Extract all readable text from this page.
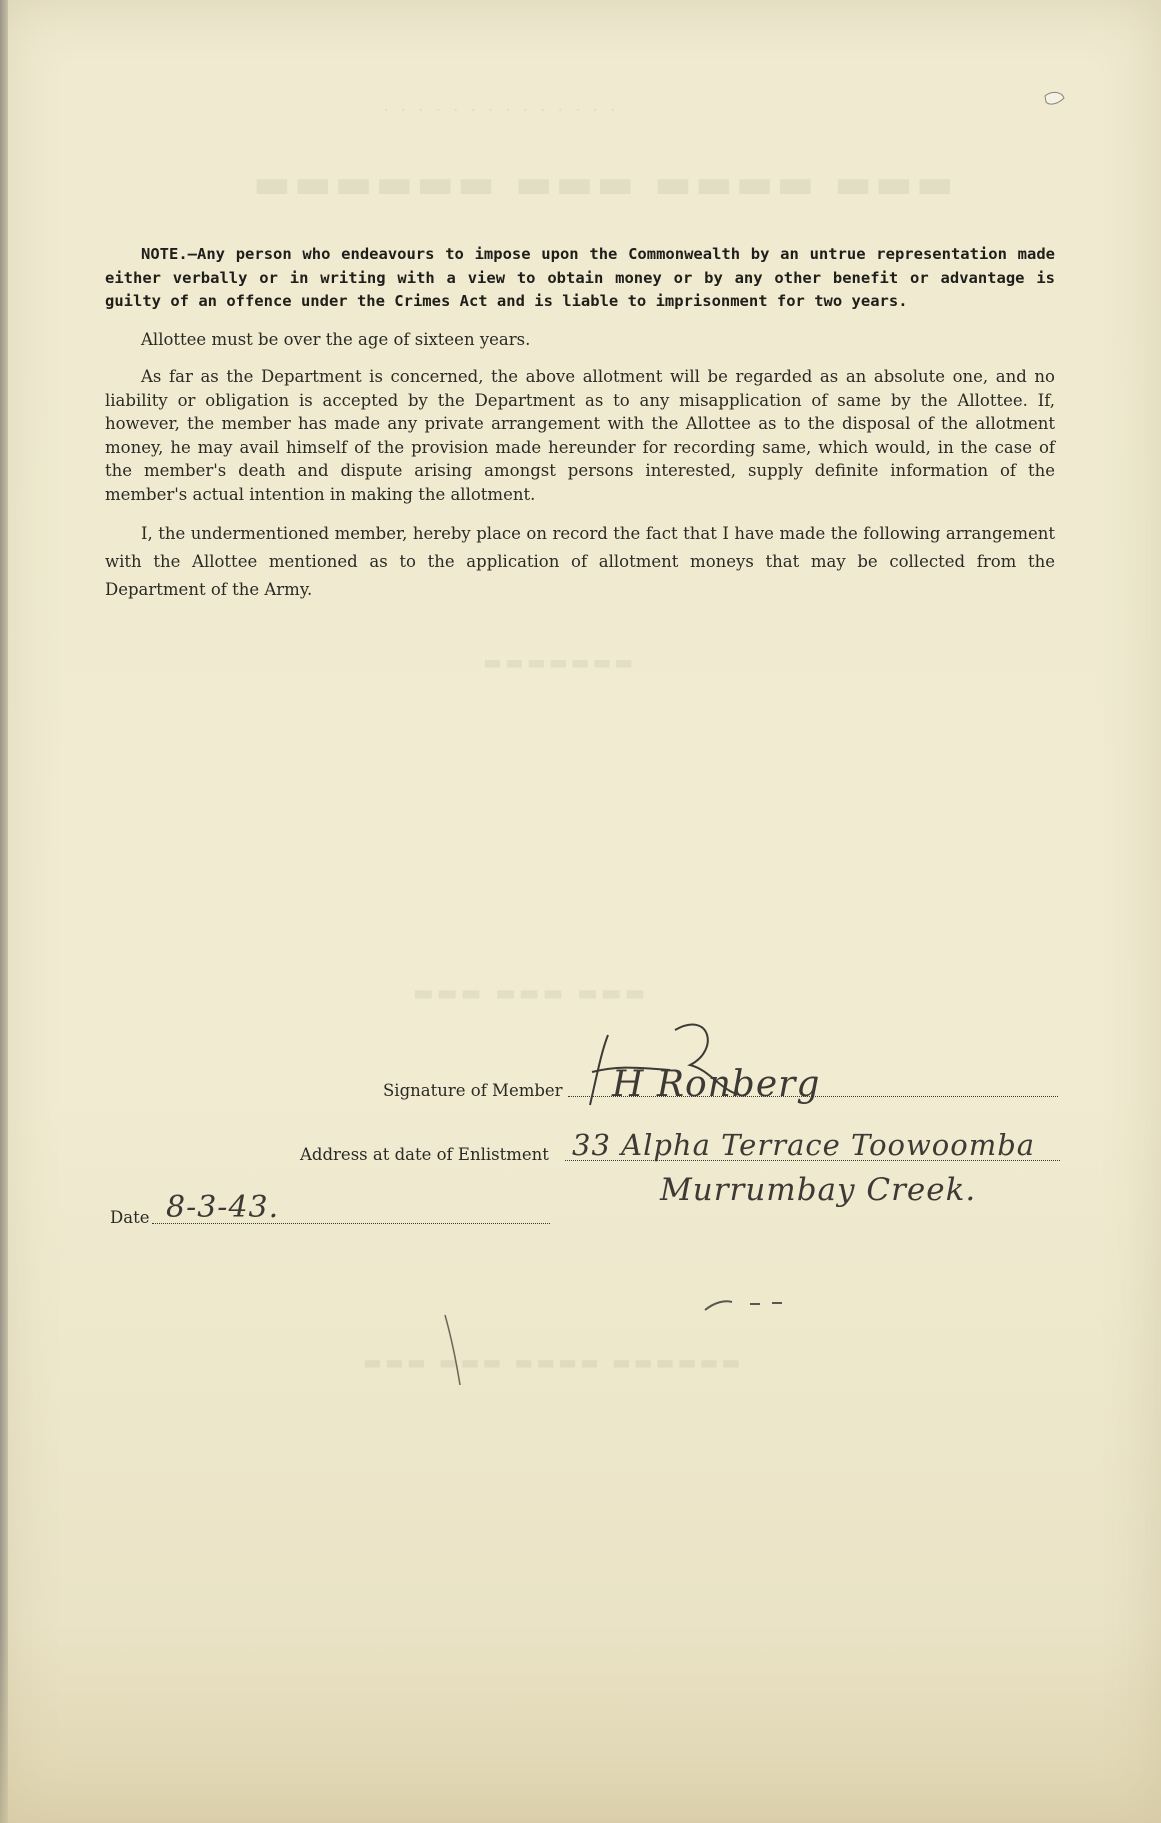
· · · · · · · · · · · · · ·
▬▬▬ ▬▬▬▬ ▬▬▬ ▬▬▬▬▬▬
▬▬▬▬▬▬ ▬▬▬▬ ▬▬▬ ▬▬▬
▬▬▬ ▬▬▬ ▬▬▬
▬▬▬▬▬▬▬

NOTE.—Any person who endeavours to impose upon the Commonwealth by an untrue representation made either verbally or in writing with a view to obtain money or by any other benefit or advantage is guilty of an offence under the Crimes Act and is liable to imprisonment for two years.

Allottee must be over the age of sixteen years.

As far as the Department is concerned, the above allotment will be regarded as an absolute one, and no liability or obligation is accepted by the Department as to any misapplication of same by the Allottee. If, however, the member has made any private arrangement with the Allottee as to the disposal of the allotment money, he may avail himself of the provision made hereunder for recording same, which would, in the case of the member's death and dispute arising amongst persons interested, supply definite information of the member's actual intention in making the allotment.

I, the undermentioned member, hereby place on record the fact that I have made the following arrangement with the Allottee mentioned as to the application of allotment moneys that may be collected from the Department of the Army.

Signature of Member H Ronberg
Address at date of Enlistment 33 Alpha Terrace Toowoomba
Murrumbay Creek.
Date 8-3-43.
